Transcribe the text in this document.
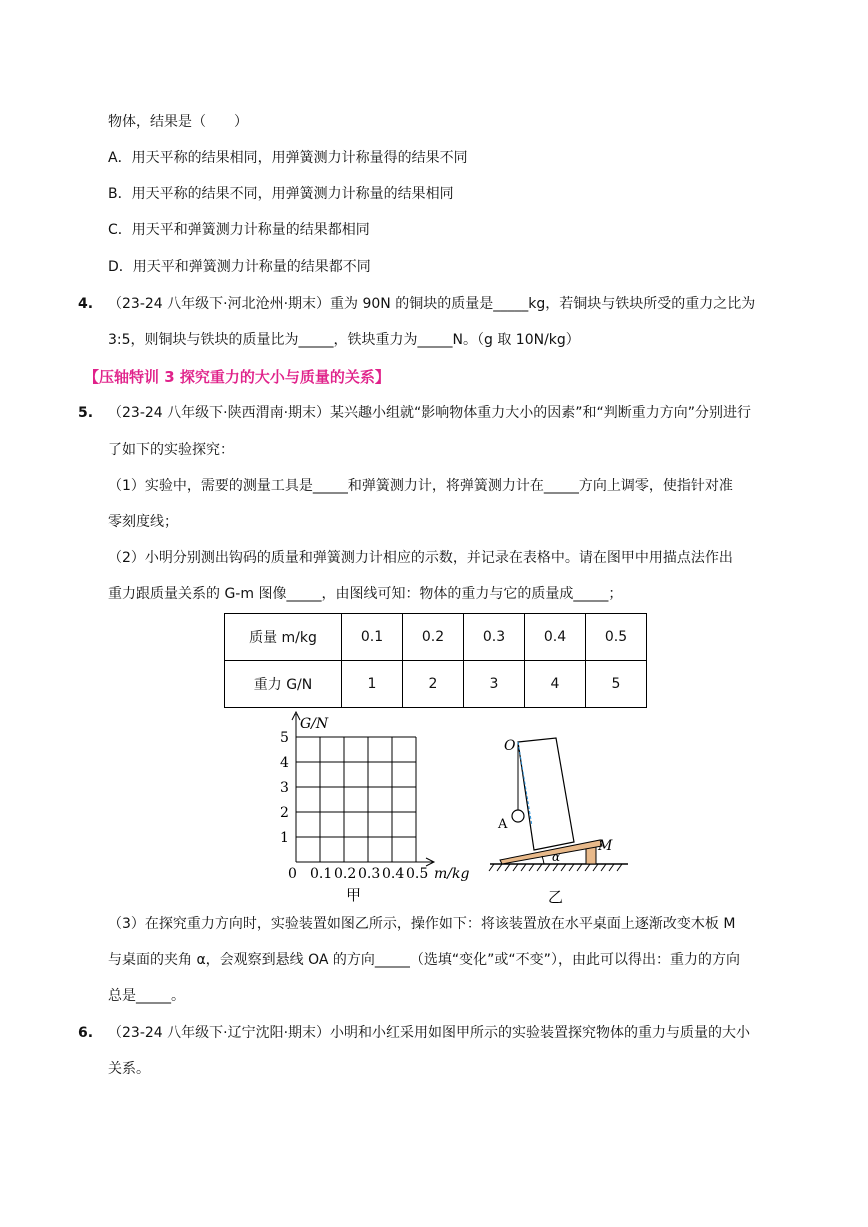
物体，结果是（　　）
A．用天平称的结果相同，用弹簧测力计称量得的结果不同
B．用天平称的结果不同，用弹簧测力计称量的结果相同
C．用天平和弹簧测力计称量的结果都相同
D．用天平和弹簧测力计称量的结果都不同
4. （23-24 八年级下·河北沧州·期末）重为 90N 的铜块的质量是_____kg，若铜块与铁块所受的重力之比为
3:5，则铜块与铁块的质量比为_____，铁块重力为_____N。（g 取 10N/kg）
【压轴特训 3 探究重力的大小与质量的关系】
5. （23-24 八年级下·陕西渭南·期末）某兴趣小组就“影响物体重力大小的因素”和“判断重力方向”分别进行
了如下的实验探究：
（1）实验中，需要的测量工具是_____和弹簧测力计，将弹簧测力计在_____方向上调零，使指针对准
零刻度线；
（2）小明分别测出钩码的质量和弹簧测力计相应的示数，并记录在表格中。请在图甲中用描点法作出
重力跟质量关系的 G-m 图像_____，由图线可知：物体的重力与它的质量成_____；
质量 m/kg	0.1	0.2	0.3	0.4	0.5
重力 G/N	1	2	3	4	5
G/N
1
2
3
4
5
0 0.1 0.2 0.3 0.4 0.5 m/kg
甲
O
A
M
α
乙
（3）在探究重力方向时，实验装置如图乙所示，操作如下：将该装置放在水平桌面上逐渐改变木板 M
与桌面的夹角 α，会观察到悬线 OA 的方向_____（选填“变化”或“不变”），由此可以得出：重力的方向
总是_____。
6. （23-24 八年级下·辽宁沈阳·期末）小明和小红采用如图甲所示的实验装置探究物体的重力与质量的大小
关系。
